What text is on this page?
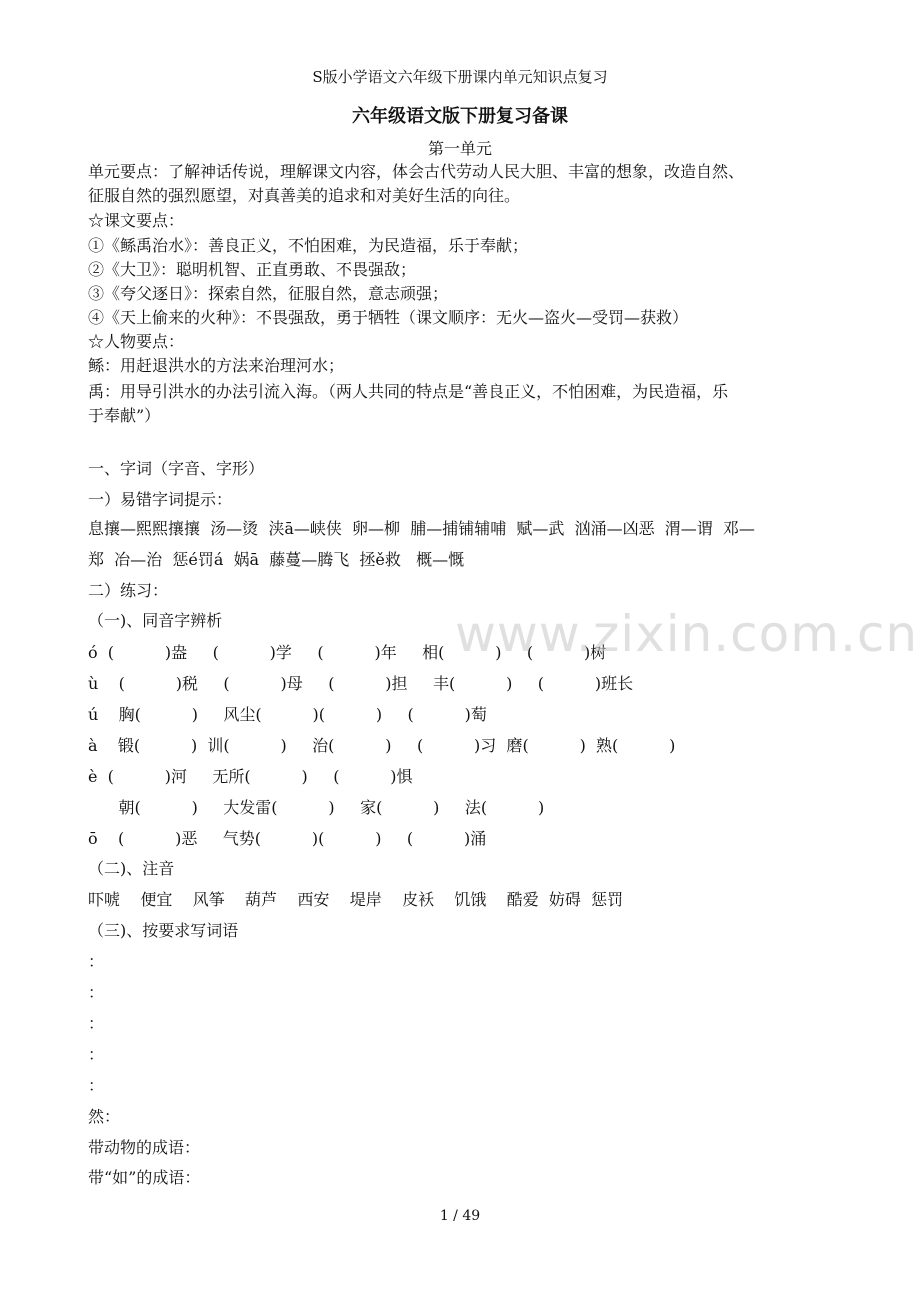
S版小学语文六年级下册课内单元知识点复习
六年级语文版下册复习备课
第一单元
单元要点：了解神话传说，理解课文内容，体会古代劳动人民大胆、丰富的想象，改造自然、
征服自然的强烈愿望，对真善美的追求和对美好生活的向往。
☆课文要点：
①《鲧禹治水》：善良正义，不怕困难，为民造福，乐于奉献；
②《大卫》：聪明机智、正直勇敢、不畏强敌；
③《夸父逐日》：探索自然，征服自然，意志顽强；
④《天上偷来的火种》：不畏强敌，勇于牺牲（课文顺序：无火—盗火—受罚—获救）
☆人物要点：
鲧：用赶退洪水的方法来治理河水；
禹：用导引洪水的办法引流入海。（两人共同的特点是“善良正义，不怕困难，为民造福，乐
于奉献”）
一、字词（字音、字形）
一）易错字词提示：
息攘—熙熙攘攘  汤—烫  浃ā—峡侠  卵—柳  脯—捕铺辅哺  赋—武  汹涌—凶恶  渭—谓  邓—
郑  冶—治  惩é罚á  娲ā  藤蔓—腾飞  拯ě救   概—慨
二）练习：
（一)、同音字辨析
ó  (          )盎     (          )学     (          )年     相(          )     (          )树
ù    (          )税     (          )母     (          )担     丰(          )     (          )班长
ú    胸(          )     风尘(          )(          )     (          )萄
à    锻(          )  训(          )     治(          )     (          )习  磨(          )  熟(          )
è  (          )河     无所(          )     (          )惧
朝(          )     大发雷(          )     家(          )     法(          )
ō    (          )恶     气势(          )(          )     (          )涌
（二)、注音
吓唬    便宜    风筝    葫芦    西安    堤岸    皮袄    饥饿    酷爱  妨碍  惩罚
（三)、按要求写词语
：
：
：
：
：
然：
带动物的成语：
带“如”的成语：
www.zixin.com.cn
1 / 49
